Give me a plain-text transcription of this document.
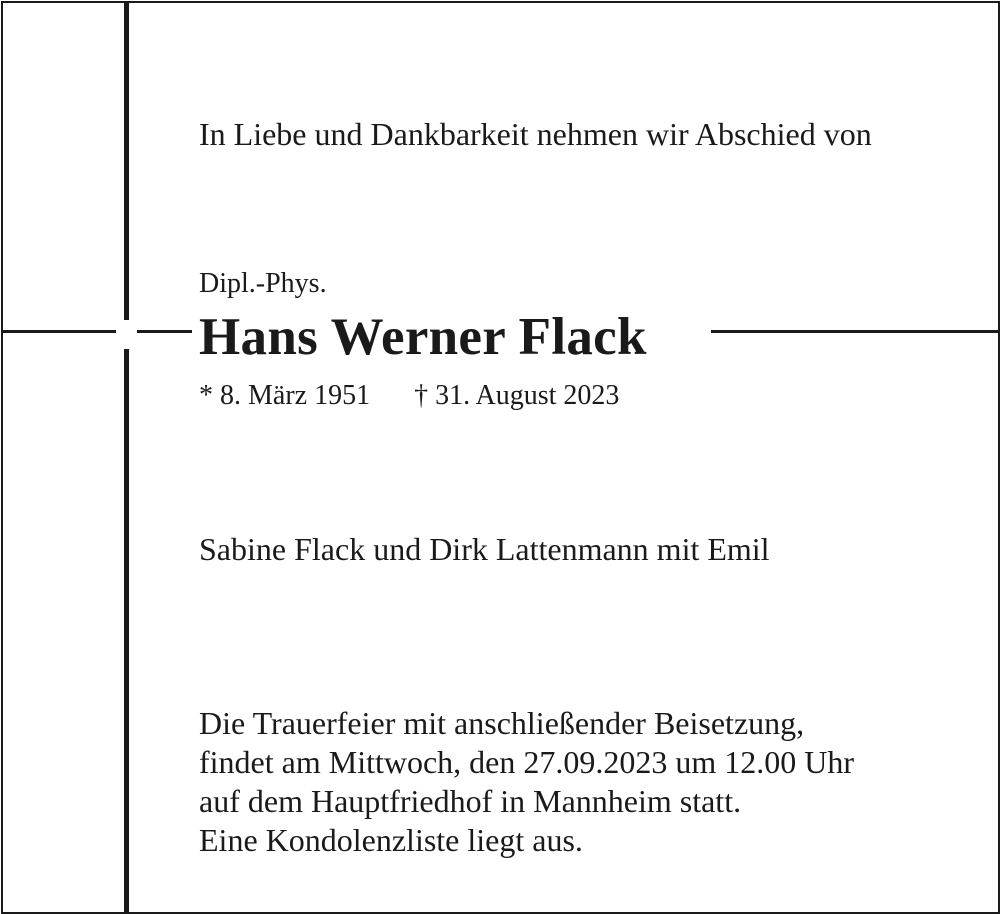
In Liebe und Dankbarkeit nehmen wir Abschied von

Dipl.-Phys.

Hans Werner Flack

* 8. März 1951 † 31. August 2023

Sabine Flack und Dirk Lattenmann mit Emil

Die Trauerfeier mit anschließender Beisetzung,
findet am Mittwoch, den 27.09.2023 um 12.00 Uhr
auf dem Hauptfriedhof in Mannheim statt.
Eine Kondolenzliste liegt aus.
